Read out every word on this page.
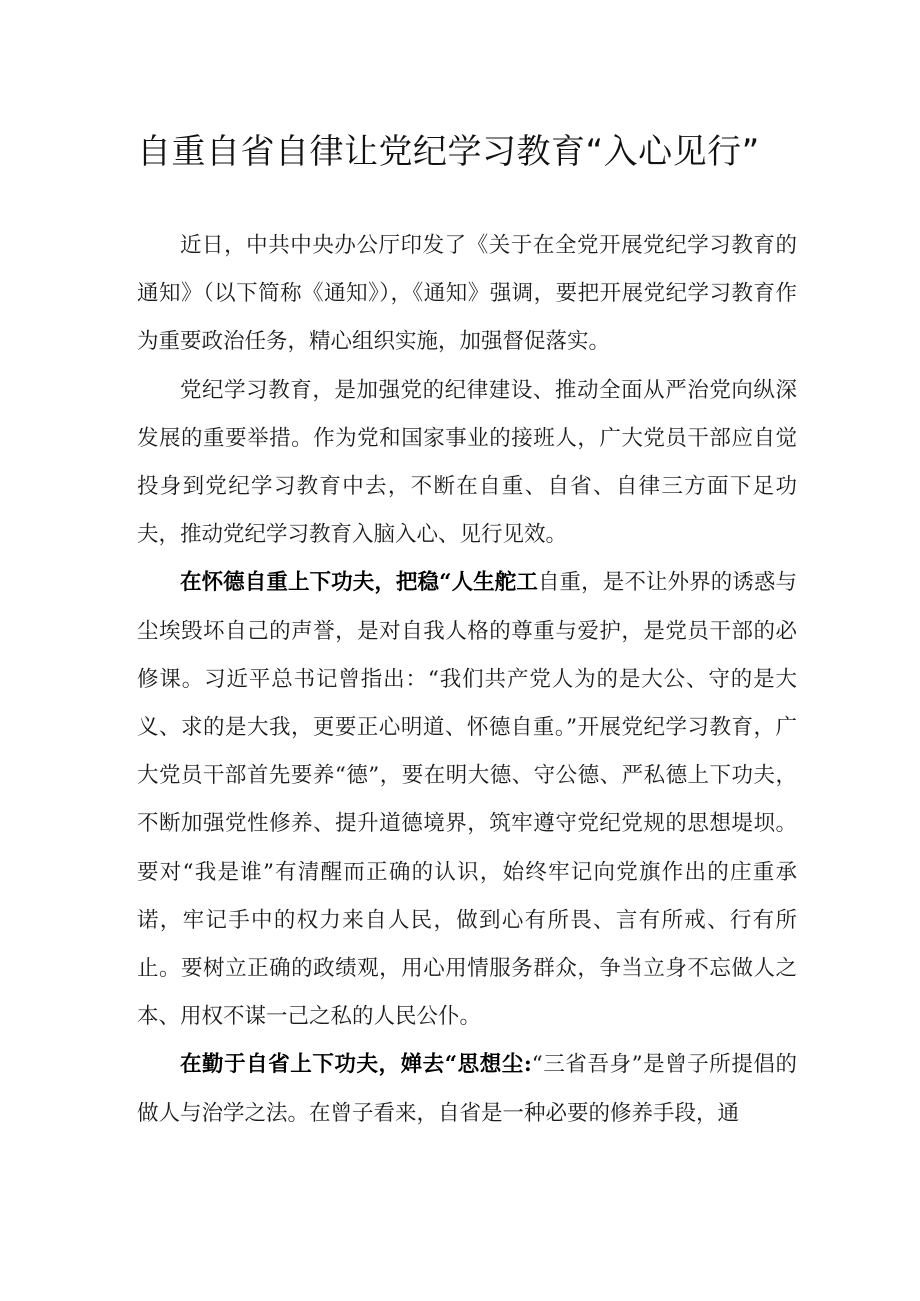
自重自省自律让党纪学习教育“入心见行”

近日，中共中央办公厅印发了《关于在全党开展党纪学习教育的通知》（以下简称《通知》），《通知》强调，要把开展党纪学习教育作为重要政治任务，精心组织实施，加强督促落实。

党纪学习教育，是加强党的纪律建设、推动全面从严治党向纵深发展的重要举措。作为党和国家事业的接班人，广大党员干部应自觉投身到党纪学习教育中去，不断在自重、自省、自律三方面下足功夫，推动党纪学习教育入脑入心、见行见效。

在怀德自重上下功夫，把稳“人生舵工自重，是不让外界的诱惑与尘埃毁坏自己的声誉，是对自我人格的尊重与爱护，是党员干部的必修课。习近平总书记曾指出：“我们共产党人为的是大公、守的是大义、求的是大我，更要正心明道、怀德自重。”开展党纪学习教育，广大党员干部首先要养“德”，要在明大德、守公德、严私德上下功夫，不断加强党性修养、提升道德境界，筑牢遵守党纪党规的思想堤坝。要对“我是谁”有清醒而正确的认识，始终牢记向党旗作出的庄重承诺，牢记手中的权力来自人民，做到心有所畏、言有所戒、行有所止。要树立正确的政绩观，用心用情服务群众，争当立身不忘做人之本、用权不谋一己之私的人民公仆。

在勤于自省上下功夫，婵去“思想尘:“三省吾身”是曾子所提倡的做人与治学之法。在曾子看来，自省是一种必要的修养手段，通
